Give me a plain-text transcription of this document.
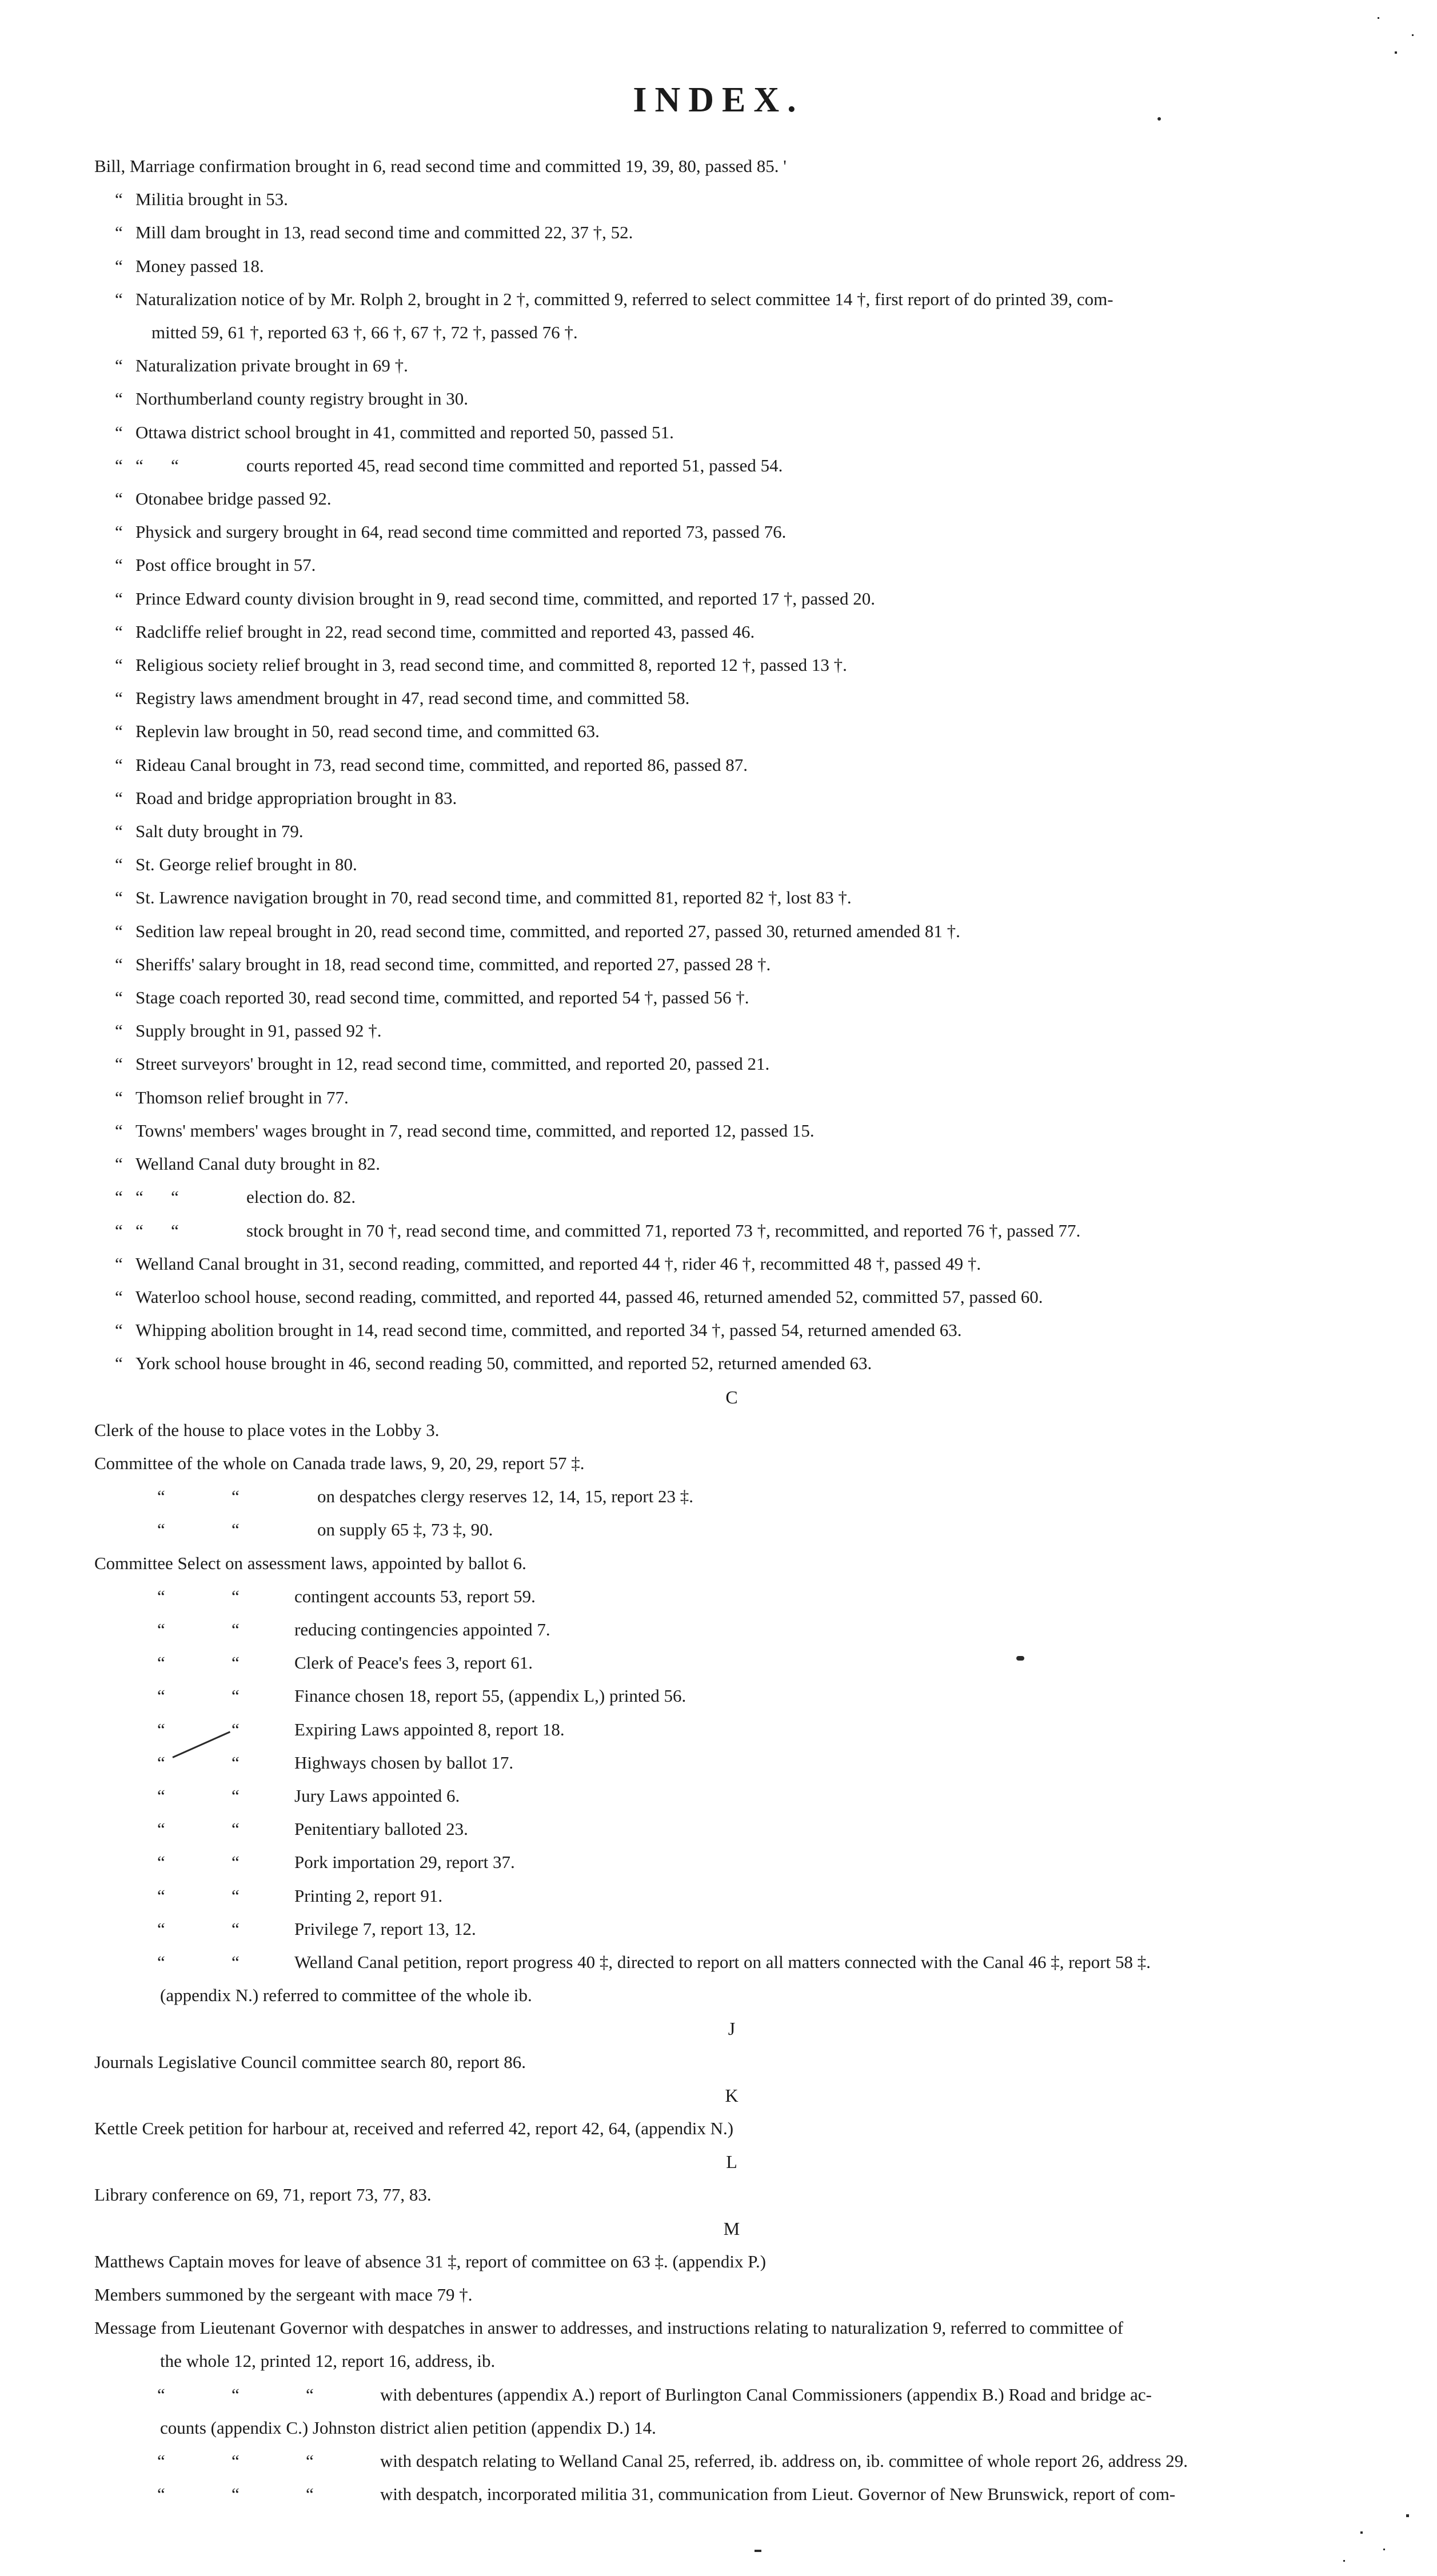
INDEX.
Bill, Marriage confirmation brought in 6, read second time and committed 19, 39, 80, passed 85. '
“ Militia brought in 53.
“ Mill dam brought in 13, read second time and committed 22, 37 †, 52.
“ Money passed 18.
“ Naturalization notice of by Mr. Rolph 2, brought in 2 †, committed 9, referred to select committee 14 †, first report of do printed 39, com-
mitted 59, 61 †, reported 63 †, 66 †, 67 †, 72 †, passed 76 †.
“ Naturalization private brought in 69 †.
“ Northumberland county registry brought in 30.
“ Ottawa district school brought in 41, committed and reported 50, passed 51.
“ “ “	courts reported 45, read second time committed and reported 51, passed 54.
“ Otonabee bridge passed 92.
“ Physick and surgery brought in 64, read second time committed and reported 73, passed 76.
“ Post office brought in 57.
“ Prince Edward county division brought in 9, read second time, committed, and reported 17 †, passed 20.
“ Radcliffe relief brought in 22, read second time, committed and reported 43, passed 46.
“ Religious society relief brought in 3, read second time, and committed 8, reported 12 †, passed 13 †.
“ Registry laws amendment brought in 47, read second time, and committed 58.
“ Replevin law brought in 50, read second time, and committed 63.
“ Rideau Canal brought in 73, read second time, committed, and reported 86, passed 87.
“ Road and bridge appropriation brought in 83.
“ Salt duty brought in 79.
“ St. George relief brought in 80.
“ St. Lawrence navigation brought in 70, read second time, and committed 81, reported 82 †, lost 83 †.
“ Sedition law repeal brought in 20, read second time, committed, and reported 27, passed 30, returned amended 81 †.
“ Sheriffs' salary brought in 18, read second time, committed, and reported 27, passed 28 †.
“ Stage coach reported 30, read second time, committed, and reported 54 †, passed 56 †.
“ Supply brought in 91, passed 92 †.
“ Street surveyors' brought in 12, read second time, committed, and reported 20, passed 21.
“ Thomson relief brought in 77.
“ Towns' members' wages brought in 7, read second time, committed, and reported 12, passed 15.
“ Welland Canal duty brought in 82.
“ “ “	election do. 82.
“ “ “	stock brought in 70 †, read second time, and committed 71, reported 73 †, recommitted, and reported 76 †, passed 77.
“ Welland Canal brought in 31, second reading, committed, and reported 44 †, rider 46 †, recommitted 48 †, passed 49 †.
“ Waterloo school house, second reading, committed, and reported 44, passed 46, returned amended 52, committed 57, passed 60.
“ Whipping abolition brought in 14, read second time, committed, and reported 34 †, passed 54, returned amended 63.
“ York school house brought in 46, second reading 50, committed, and reported 52, returned amended 63.
C
Clerk of the house to place votes in the Lobby 3.
Committee of the whole on Canada trade laws, 9, 20, 29, report 57 ‡.
“	“	on despatches clergy reserves 12, 14, 15, report 23 ‡.
“	“	on supply 65 ‡, 73 ‡, 90.
Committee Select on assessment laws, appointed by ballot 6.
“	“	contingent accounts 53, report 59.
“	“	reducing contingencies appointed 7.
“	“	Clerk of Peace's fees 3, report 61.
“	“	Finance chosen 18, report 55, (appendix L,) printed 56.
“	“	Expiring Laws appointed 8, report 18.
“	“	Highways chosen by ballot 17.
“	“	Jury Laws appointed 6.
“	“	Penitentiary balloted 23.
“	“	Pork importation 29, report 37.
“	“	Printing 2, report 91.
“	“	Privilege 7, report 13, 12.
“	“	Welland Canal petition, report progress 40 ‡, directed to report on all matters connected with the Canal 46 ‡, report 58 ‡.
(appendix N.) referred to committee of the whole ib.
J
Journals Legislative Council committee search 80, report 86.
K
Kettle Creek petition for harbour at, received and referred 42, report 42, 64, (appendix N.)
L
Library conference on 69, 71, report 73, 77, 83.
M
Matthews Captain moves for leave of absence 31 ‡, report of committee on 63 ‡. (appendix P.)
Members summoned by the sergeant with mace 79 †.
Message from Lieutenant Governor with despatches in answer to addresses, and instructions relating to naturalization 9, referred to committee of
the whole 12, printed 12, report 16, address, ib.
“	“	“	with debentures (appendix A.) report of Burlington Canal Commissioners (appendix B.) Road and bridge ac-
counts (appendix C.) Johnston district alien petition (appendix D.) 14.
“	“	“	with despatch relating to Welland Canal 25, referred, ib. address on, ib. committee of whole report 26, address 29.
“	“	“	with despatch, incorporated militia 31, communication from Lieut. Governor of New Brunswick, report of com-
